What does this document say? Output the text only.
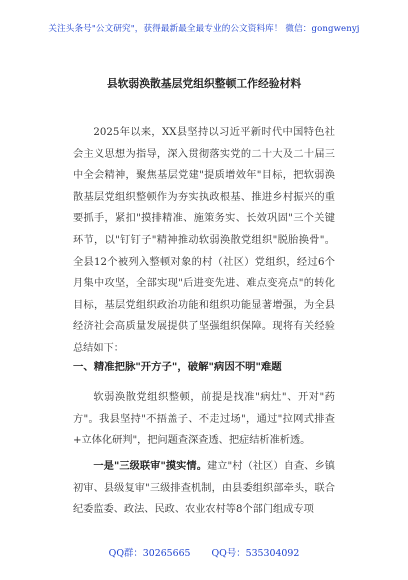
关注头条号"公文研究"，获得最新最全最专业的公文资料库！ 微信：gongwenyj
县软弱涣散基层党组织整顿工作经验材料
2025年以来，XX县坚持以习近平新时代中国特色社会主义思想为指导，深入贯彻落实党的二十大及二十届三中全会精神，聚焦基层党建"提质增效年"目标，把软弱涣散基层党组织整顿作为夯实执政根基、推进乡村振兴的重要抓手，紧扣"摸排精准、施策务实、长效巩固"三个关键环节，以"钉钉子"精神推动软弱涣散党组织"脱胎换骨"。全县12个被列入整顿对象的村（社区）党组织，经过6个月集中攻坚，全部实现"后进变先进、难点变亮点"的转化目标，基层党组织政治功能和组织功能显著增强，为全县经济社会高质量发展提供了坚强组织保障。现将有关经验总结如下：
一、精准把脉"开方子"，破解"病因不明"难题
软弱涣散党组织整顿，前提是找准"病灶"、开对"药方"。我县坚持"不捂盖子、不走过场"，通过"拉网式排查+立体化研判"，把问题查深查透、把症结析准析透。
一是"三级联审"摸实情。建立"村（社区）自查、乡镇初审、县级复审"三级排查机制，由县委组织部牵头，联合纪委监委、政法、民政、农业农村等8个部门组成专项
QQ群：30265665 QQ号：535304092
